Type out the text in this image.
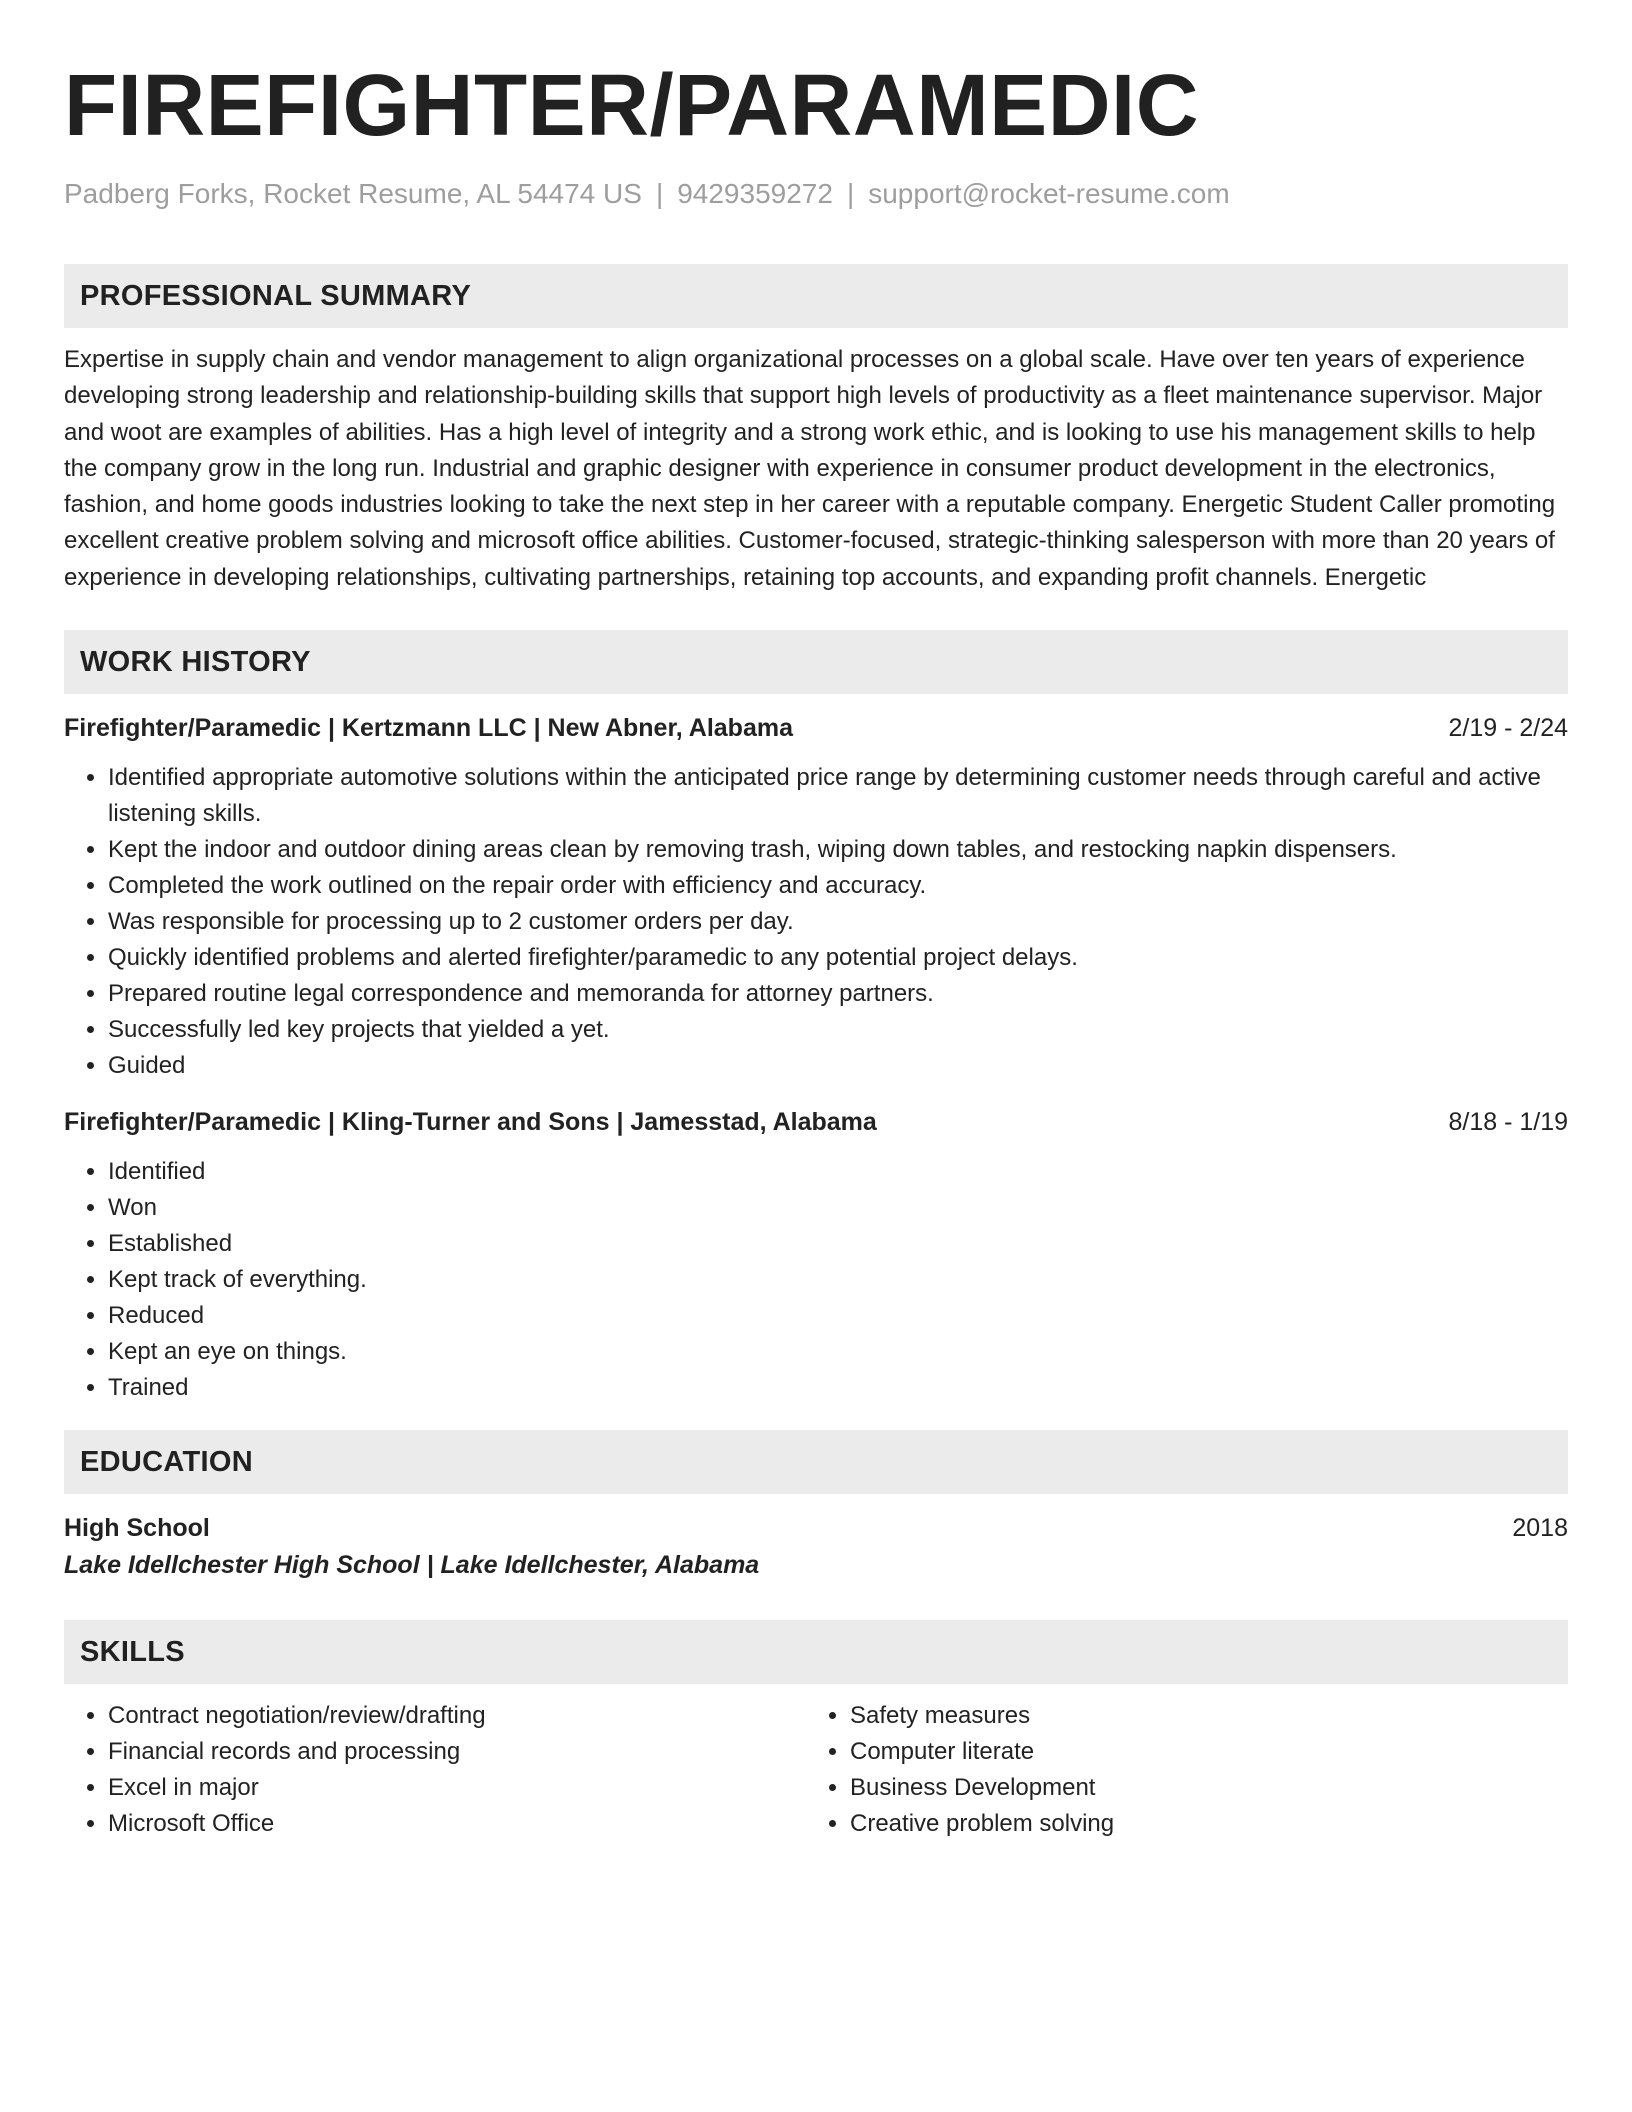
FIREFIGHTER/PARAMEDIC
Padberg Forks, Rocket Resume, AL 54474 US | 9429359272 | support@rocket-resume.com
PROFESSIONAL SUMMARY
Expertise in supply chain and vendor management to align organizational processes on a global scale. Have over ten years of experience developing strong leadership and relationship-building skills that support high levels of productivity as a fleet maintenance supervisor. Major and woot are examples of abilities. Has a high level of integrity and a strong work ethic, and is looking to use his management skills to help the company grow in the long run. Industrial and graphic designer with experience in consumer product development in the electronics, fashion, and home goods industries looking to take the next step in her career with a reputable company. Energetic Student Caller promoting excellent creative problem solving and microsoft office abilities. Customer-focused, strategic-thinking salesperson with more than 20 years of experience in developing relationships, cultivating partnerships, retaining top accounts, and expanding profit channels. Energetic
WORK HISTORY
Firefighter/Paramedic | Kertzmann LLC | New Abner, Alabama	2/19 - 2/24
• Identified appropriate automotive solutions within the anticipated price range by determining customer needs through careful and active listening skills.
• Kept the indoor and outdoor dining areas clean by removing trash, wiping down tables, and restocking napkin dispensers.
• Completed the work outlined on the repair order with efficiency and accuracy.
• Was responsible for processing up to 2 customer orders per day.
• Quickly identified problems and alerted firefighter/paramedic to any potential project delays.
• Prepared routine legal correspondence and memoranda for attorney partners.
• Successfully led key projects that yielded a yet.
• Guided
Firefighter/Paramedic | Kling-Turner and Sons | Jamesstad, Alabama	8/18 - 1/19
• Identified
• Won
• Established
• Kept track of everything.
• Reduced
• Kept an eye on things.
• Trained
EDUCATION
High School	2018
Lake Idellchester High School | Lake Idellchester, Alabama
SKILLS
• Contract negotiation/review/drafting
• Financial records and processing
• Excel in major
• Microsoft Office
• Safety measures
• Computer literate
• Business Development
• Creative problem solving
